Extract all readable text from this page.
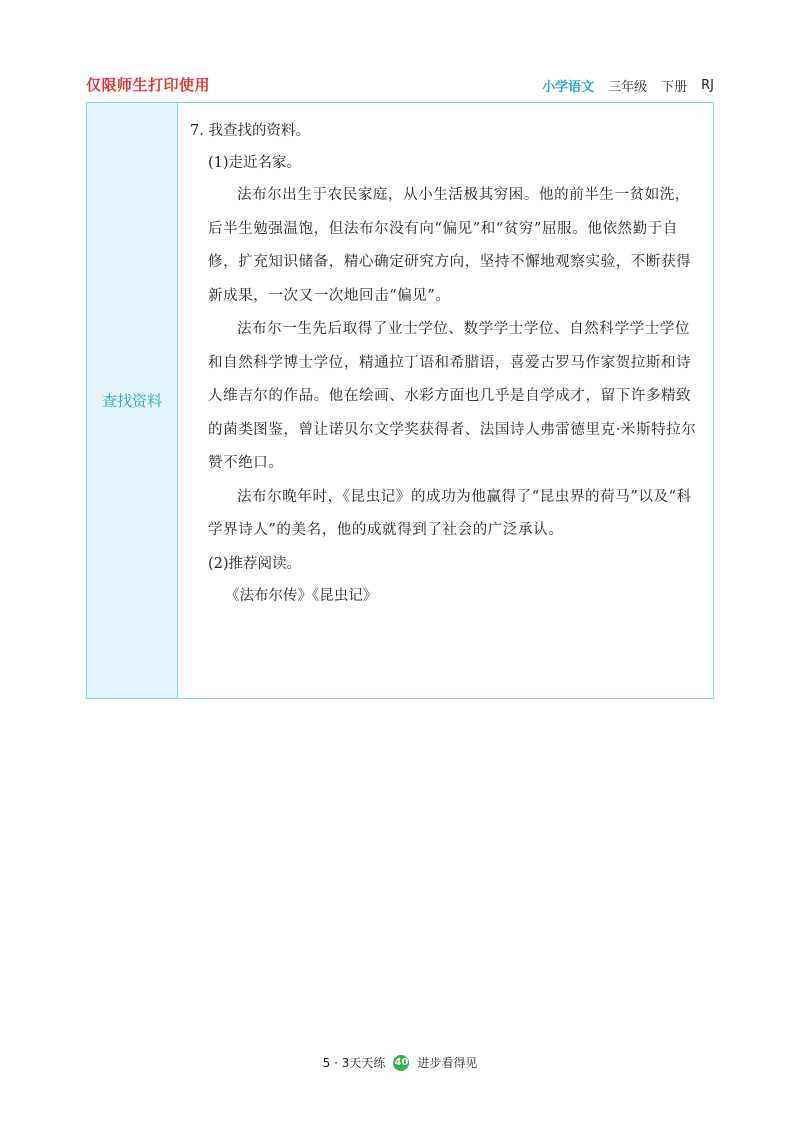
仅限师生打印使用	小学语文 三年级 下册 RJ
查找资料

7. 我查找的资料。

(1)走近名家。

法布尔出生于农民家庭，从小生活极其穷困。他的前半生一贫如洗，后半生勉强温饱，但法布尔没有向“偏见”和“贫穷”屈服。他依然勤于自修，扩充知识储备，精心确定研究方向，坚持不懈地观察实验，不断获得新成果，一次又一次地回击“偏见”。

法布尔一生先后取得了业士学位、数学学士学位、自然科学学士学位和自然科学博士学位，精通拉丁语和希腊语，喜爱古罗马作家贺拉斯和诗人维吉尔的作品。他在绘画、水彩方面也几乎是自学成才，留下许多精致的菌类图鉴，曾让诺贝尔文学奖获得者、法国诗人弗雷德里克·米斯特拉尔赞不绝口。

法布尔晚年时，《昆虫记》的成功为他赢得了“昆虫界的荷马”以及“科学界诗人”的美名，他的成就得到了社会的广泛承认。

(2)推荐阅读。

《法布尔传》《昆虫记》

5 · 3天天练 40 进步看得见
